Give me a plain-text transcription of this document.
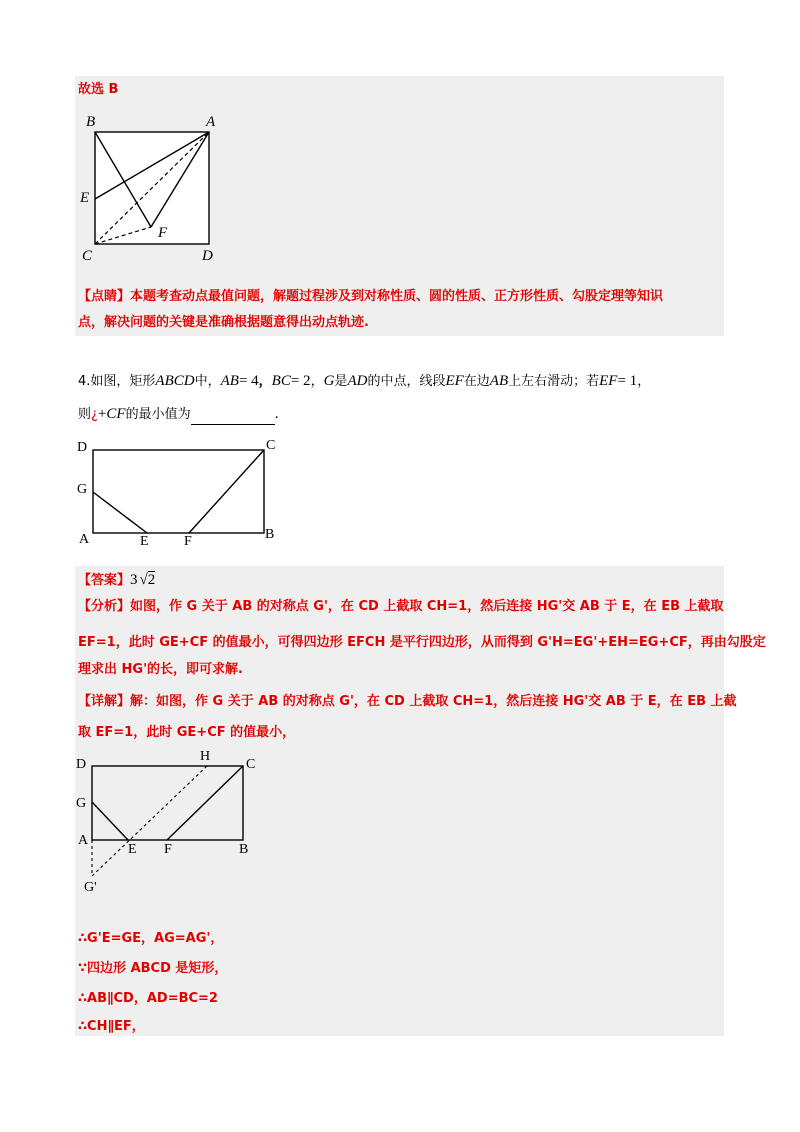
故选 B
B	A
E
F
C	D
【点睛】本题考查动点最值问题，解题过程涉及到对称性质、圆的性质、正方形性质、勾股定理等知识
点，解决问题的关键是准确根据题意得出动点轨迹.
4.如图，矩形ABCD中，AB= 4，BC= 2，G是AD的中点，线段EF在边AB上左右滑动；若EF= 1，
则¿+CF的最小值为	.
D	C
G
A	E	F	B
【答案】3 √2
【分析】如图，作 G 关于 AB 的对称点 G'，在 CD 上截取 CH=1，然后连接 HG'交 AB 于 E，在 EB 上截取
EF=1，此时 GE+CF 的值最小，可得四边形 EFCH 是平行四边形，从而得到 G'H=EG'+EH=EG+CF，再由勾股定
理求出 HG'的长，即可求解.
【详解】解：如图，作 G 关于 AB 的对称点 G'，在 CD 上截取 CH=1，然后连接 HG'交 AB 于 E，在 EB 上截
取 EF=1，此时 GE+CF 的值最小，
D
H
C
G
A
E F	B
G'
∴G'E=GE，AG=AG'，
∵四边形 ABCD 是矩形，
∴AB∥CD，AD=BC=2
∴CH∥EF，
